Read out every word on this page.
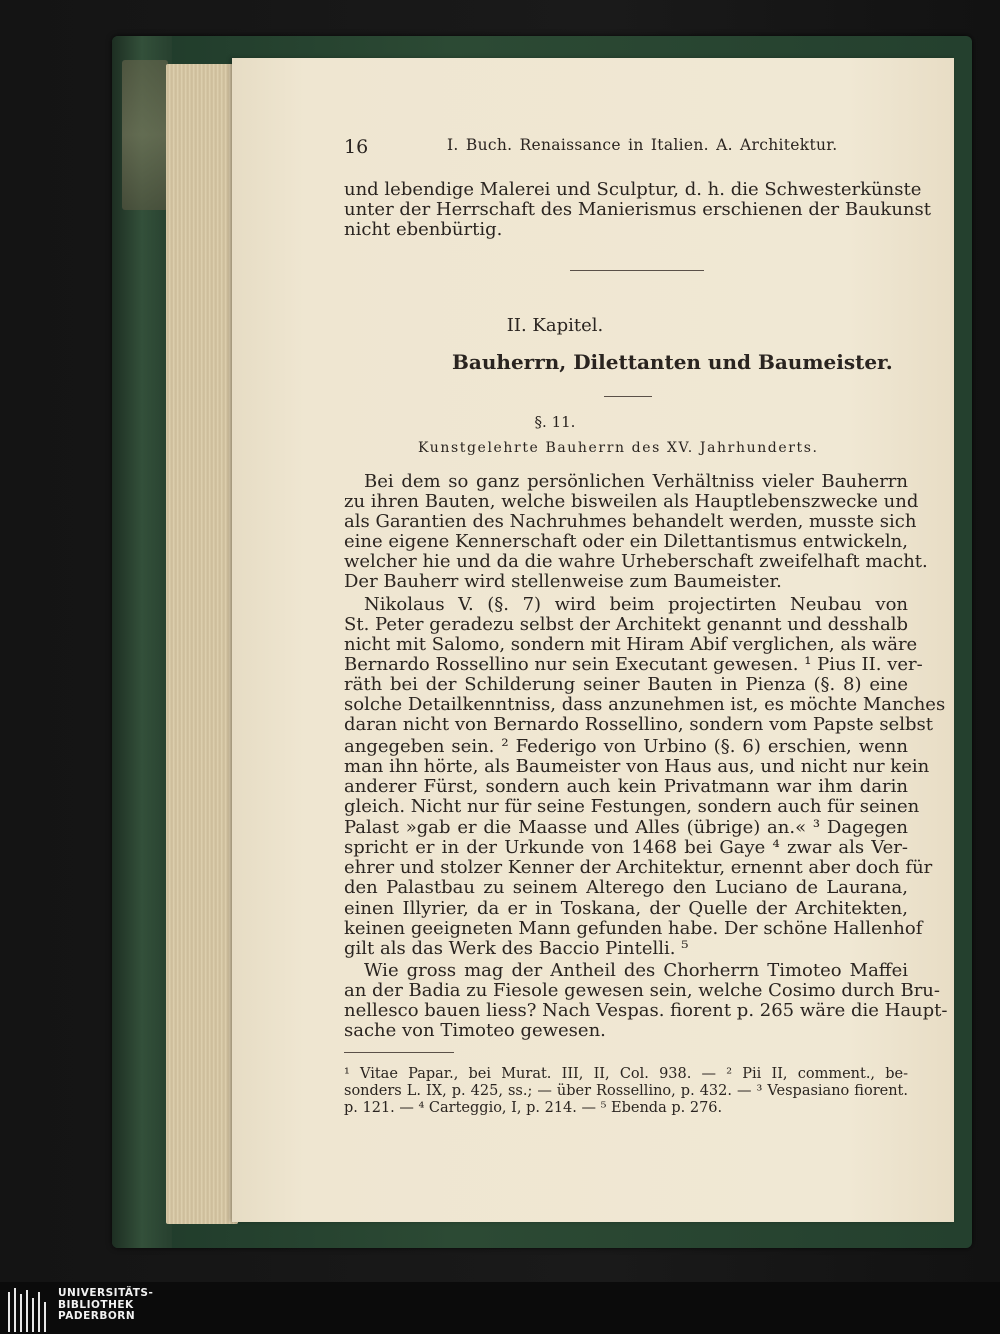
16	I. Buch. Renaissance in Italien. A. Architektur.
und lebendige Malerei und Sculptur, d. h. die Schwesterkünste
unter der Herrschaft des Manierismus erschienen der Baukunst
nicht ebenbürtig.
II. Kapitel.
Bauherrn, Dilettanten und Baumeister.
§. 11.
Kunstgelehrte Bauherrn des XV. Jahrhunderts.
Bei dem so ganz persönlichen Verhältniss vieler Bauherrn
zu ihren Bauten, welche bisweilen als Hauptlebenszwecke und
als Garantien des Nachruhmes behandelt werden, musste sich
eine eigene Kennerschaft oder ein Dilettantismus entwickeln,
welcher hie und da die wahre Urheberschaft zweifelhaft macht.
Der Bauherr wird stellenweise zum Baumeister.
Nikolaus V. (§. 7) wird beim projectirten Neubau von
St. Peter geradezu selbst der Architekt genannt und desshalb
nicht mit Salomo, sondern mit Hiram Abif verglichen, als wäre
Bernardo Rossellino nur sein Executant gewesen. ¹ Pius II. ver-
räth bei der Schilderung seiner Bauten in Pienza (§. 8) eine
solche Detailkenntniss, dass anzunehmen ist, es möchte Manches
daran nicht von Bernardo Rossellino, sondern vom Papste selbst
angegeben sein. ² Federigo von Urbino (§. 6) erschien, wenn
man ihn hörte, als Baumeister von Haus aus, und nicht nur kein
anderer Fürst, sondern auch kein Privatmann war ihm darin
gleich. Nicht nur für seine Festungen, sondern auch für seinen
Palast »gab er die Maasse und Alles (übrige) an.« ³ Dagegen
spricht er in der Urkunde von 1468 bei Gaye ⁴ zwar als Ver-
ehrer und stolzer Kenner der Architektur, ernennt aber doch für
den Palastbau zu seinem Alterego den Luciano de Laurana,
einen Illyrier, da er in Toskana, der Quelle der Architekten,
keinen geeigneten Mann gefunden habe. Der schöne Hallenhof
gilt als das Werk des Baccio Pintelli. ⁵
Wie gross mag der Antheil des Chorherrn Timoteo Maffei
an der Badia zu Fiesole gewesen sein, welche Cosimo durch Bru-
nellesco bauen liess? Nach Vespas. fiorent p. 265 wäre die Haupt-
sache von Timoteo gewesen.
¹ Vitae Papar., bei Murat. III, II, Col. 938. — ² Pii II, comment., be-
sonders L. IX, p. 425, ss.; — über Rossellino, p. 432. — ³ Vespasiano fiorent.
p. 121. — ⁴ Carteggio, I, p. 214. — ⁵ Ebenda p. 276.
UNIVERSITÄTS-
BIBLIOTHEK
PADERBORN
